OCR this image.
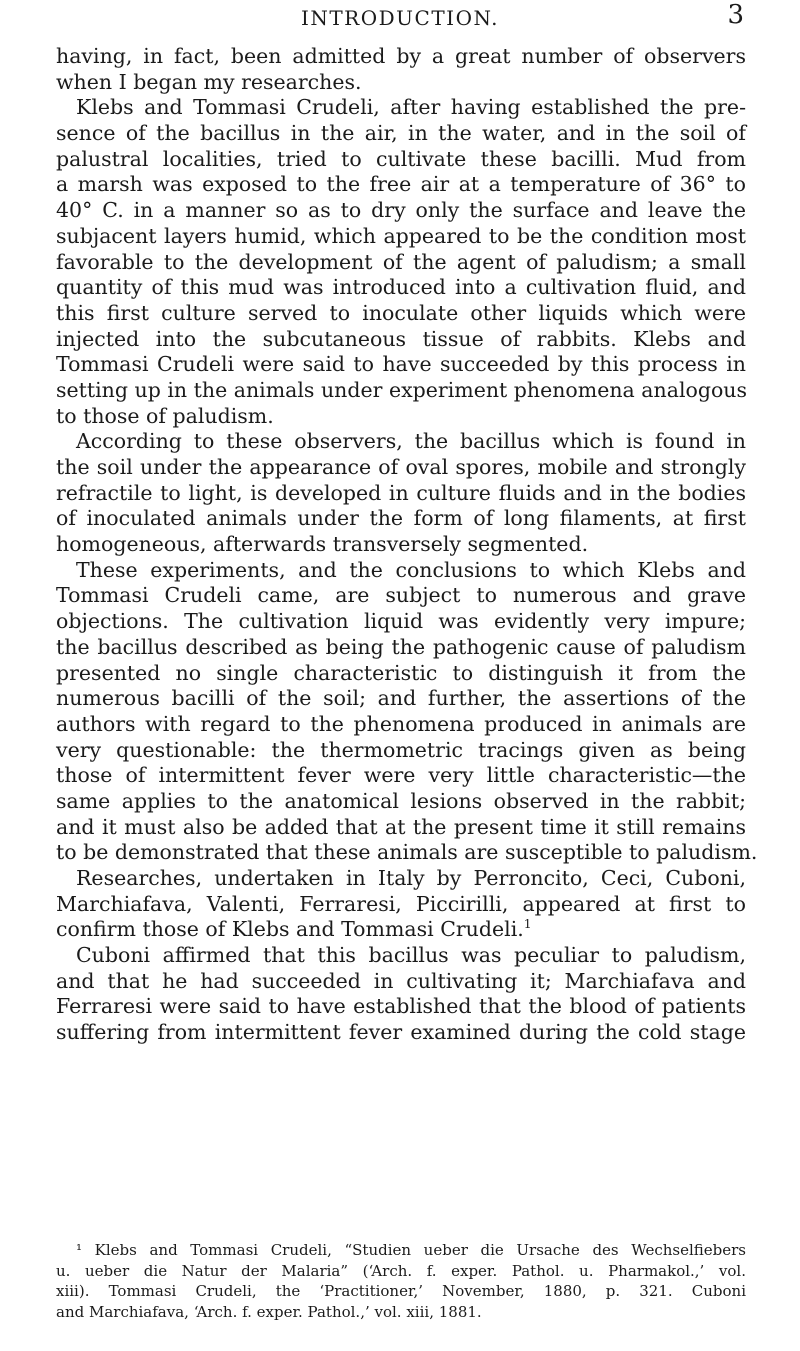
INTRODUCTION.	3
having, in fact, been admitted by a great number of observers
when I began my researches.
Klebs and Tommasi Crudeli, after having established the pre-
sence of the bacillus in the air, in the water, and in the soil of
palustral localities, tried to cultivate these bacilli. Mud from
a marsh was exposed to the free air at a temperature of 36° to
40° C. in a manner so as to dry only the surface and leave the
subjacent layers humid, which appeared to be the condition most
favorable to the development of the agent of paludism; a small
quantity of this mud was introduced into a cultivation fluid, and
this first culture served to inoculate other liquids which were
injected into the subcutaneous tissue of rabbits. Klebs and
Tommasi Crudeli were said to have succeeded by this process in
setting up in the animals under experiment phenomena analogous
to those of paludism.
According to these observers, the bacillus which is found in
the soil under the appearance of oval spores, mobile and strongly
refractile to light, is developed in culture fluids and in the bodies
of inoculated animals under the form of long filaments, at first
homogeneous, afterwards transversely segmented.
These experiments, and the conclusions to which Klebs and
Tommasi Crudeli came, are subject to numerous and grave
objections. The cultivation liquid was evidently very impure;
the bacillus described as being the pathogenic cause of paludism
presented no single characteristic to distinguish it from the
numerous bacilli of the soil; and further, the assertions of the
authors with regard to the phenomena produced in animals are
very questionable: the thermometric tracings given as being
those of intermittent fever were very little characteristic—the
same applies to the anatomical lesions observed in the rabbit;
and it must also be added that at the present time it still remains
to be demonstrated that these animals are susceptible to paludism.
Researches, undertaken in Italy by Perroncito, Ceci, Cuboni,
Marchiafava, Valenti, Ferraresi, Piccirilli, appeared at first to
confirm those of Klebs and Tommasi Crudeli.$^1$
Cuboni affirmed that this bacillus was peculiar to paludism,
and that he had succeeded in cultivating it; Marchiafava and
Ferraresi were said to have established that the blood of patients
suffering from intermittent fever examined during the cold stage
¹ Klebs and Tommasi Crudeli, “Studien ueber die Ursache des Wechselfiebers
u. ueber die Natur der Malaria” (‘Arch. f. exper. Pathol. u. Pharmakol.,’ vol.
xiii). Tommasi Crudeli, the ‘Practitioner,’ November, 1880, p. 321. Cuboni
and Marchiafava, ‘Arch. f. exper. Pathol.,’ vol. xiii, 1881.
